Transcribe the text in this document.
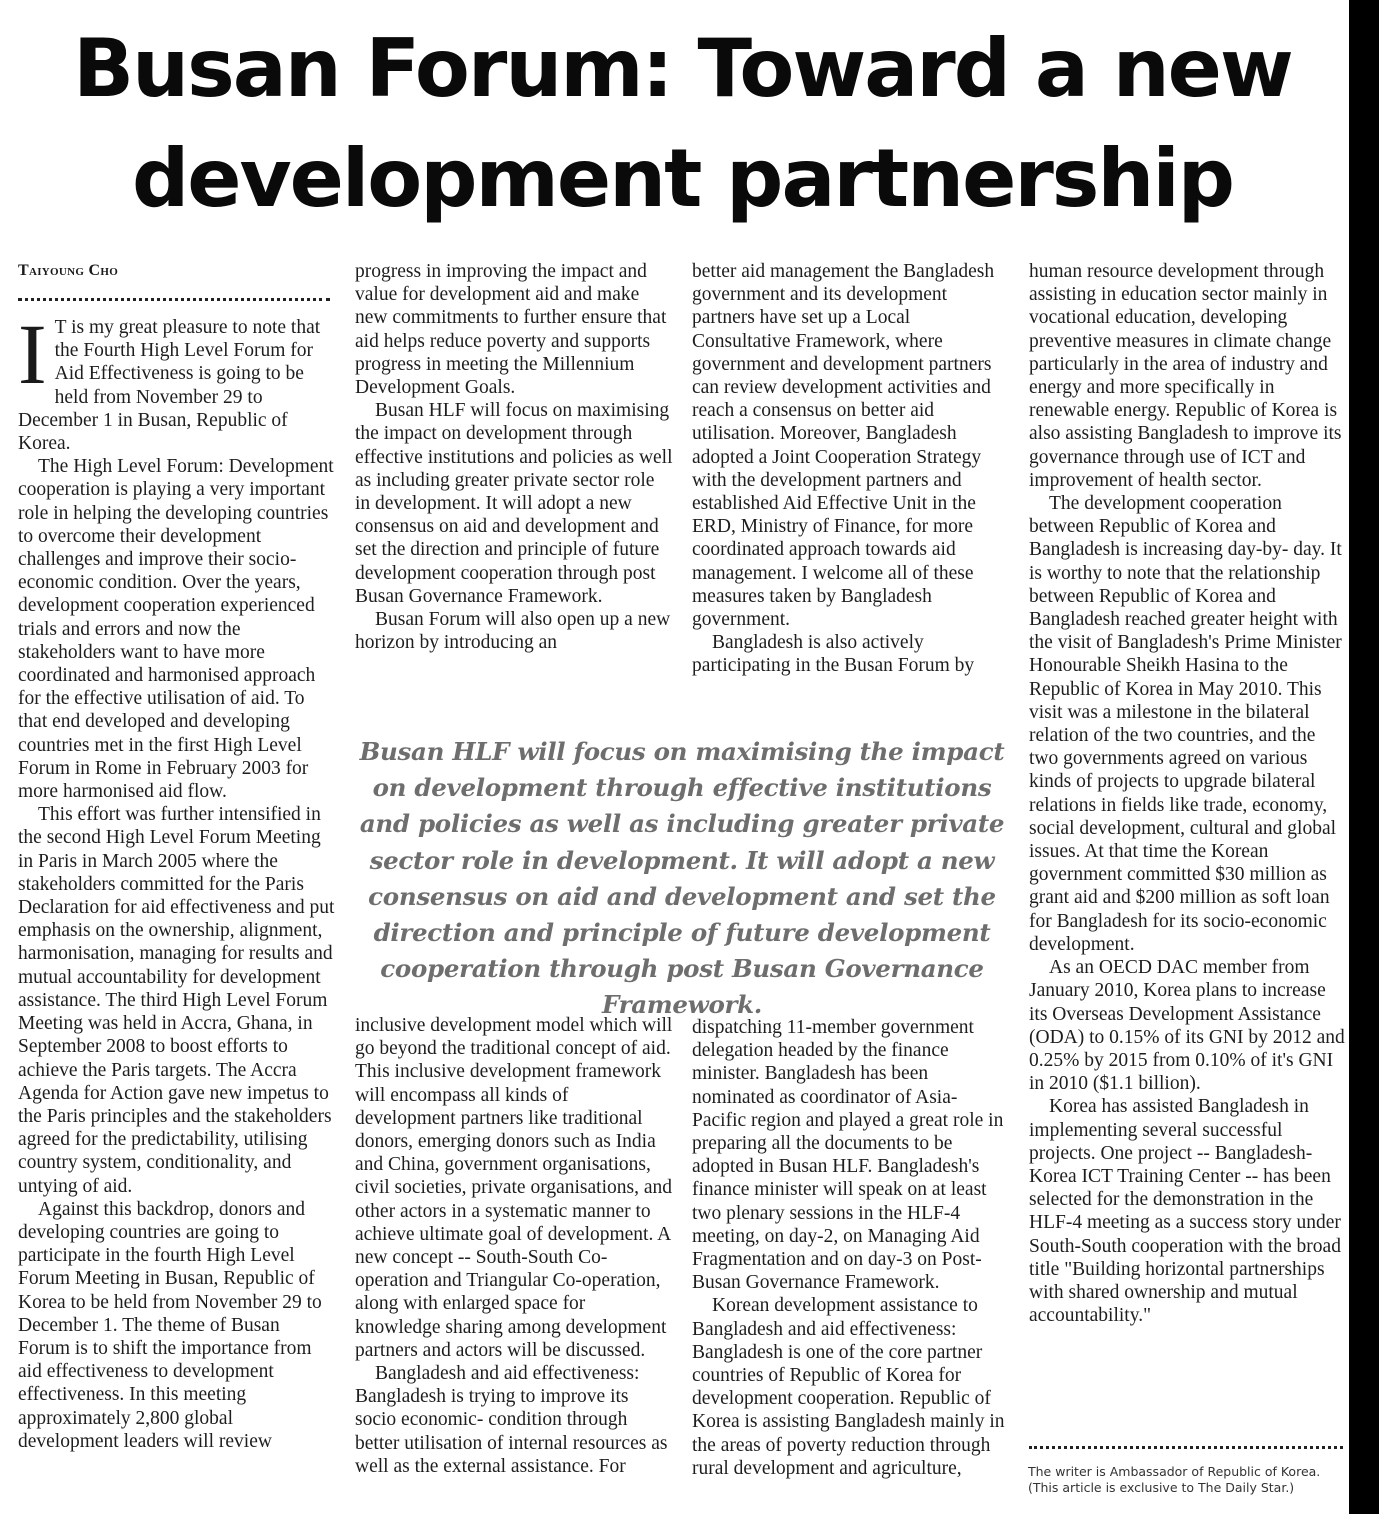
Busan Forum: Toward a new development partnership
Taiyoung Cho

I T is my great pleasure to note that the Fourth High Level Forum for Aid Effectiveness is going to be held from November 29 to December 1 in Busan, Republic of Korea.

The High Level Forum: Development cooperation is playing a very important role in helping the developing countries to overcome their development challenges and improve their socio- economic condition. Over the years, development cooperation experienced trials and errors and now the stakeholders want to have more coordinated and harmonised approach for the effective utilisation of aid. To that end developed and developing countries met in the first High Level Forum in Rome in February 2003 for more harmonised aid flow.

This effort was further intensified in the second High Level Forum Meeting in Paris in March 2005 where the stakeholders committed for the Paris Declaration for aid effectiveness and put emphasis on the ownership, alignment, harmonisation, managing for results and mutual accountability for development assistance. The third High Level Forum Meeting was held in Accra, Ghana, in September 2008 to boost efforts to achieve the Paris targets. The Accra Agenda for Action gave new impetus to the Paris principles and the stakeholders agreed for the predictability, utilising country system, conditionality, and untying of aid.

Against this backdrop, donors and developing countries are going to participate in the fourth High Level Forum Meeting in Busan, Republic of Korea to be held from November 29 to December 1. The theme of Busan Forum is to shift the importance from aid effectiveness to development effectiveness. In this meeting approximately 2,800 global development leaders will review

progress in improving the impact and value for development aid and make new commitments to further ensure that aid helps reduce poverty and supports progress in meeting the Millennium Development Goals.

Busan HLF will focus on maximising the impact on development through effective institutions and policies as well as including greater private sector role in development. It will adopt a new consensus on aid and development and set the direction and principle of future development cooperation through post Busan Governance Framework.

Busan Forum will also open up a new horizon by introducing an

better aid management the Bangladesh government and its development partners have set up a Local Consultative Framework, where government and development partners can review development activities and reach a consensus on better aid utilisation. Moreover, Bangladesh adopted a Joint Cooperation Strategy with the development partners and established Aid Effective Unit in the ERD, Ministry of Finance, for more coordinated approach towards aid management. I welcome all of these measures taken by Bangladesh government.

Bangladesh is also actively participating in the Busan Forum by

Busan HLF will focus on maximising the impact on development through effective institutions and policies as well as including greater private sector role in development. It will adopt a new consensus on aid and development and set the direction and principle of future development cooperation through post Busan Governance Framework.

inclusive development model which will go beyond the traditional concept of aid. This inclusive development framework will encompass all kinds of development partners like traditional donors, emerging donors such as India and China, government organisations, civil societies, private organisations, and other actors in a systematic manner to achieve ultimate goal of development. A new concept -- South-South Co-operation and Triangular Co-operation, along with enlarged space for knowledge sharing among development partners and actors will be discussed.

Bangladesh and aid effectiveness: Bangladesh is trying to improve its socio economic- condition through better utilisation of internal resources as well as the external assistance. For

dispatching 11-member government delegation headed by the finance minister. Bangladesh has been nominated as coordinator of Asia-Pacific region and played a great role in preparing all the documents to be adopted in Busan HLF. Bangladesh's finance minister will speak on at least two plenary sessions in the HLF-4 meeting, on day-2, on Managing Aid Fragmentation and on day-3 on Post-Busan Governance Framework.

Korean development assistance to Bangladesh and aid effectiveness: Bangladesh is one of the core partner countries of Republic of Korea for development cooperation. Republic of Korea is assisting Bangladesh mainly in the areas of poverty reduction through rural development and agriculture,

human resource development through assisting in education sector mainly in vocational education, developing preventive measures in climate change particularly in the area of industry and energy and more specifically in renewable energy. Republic of Korea is also assisting Bangladesh to improve its governance through use of ICT and improvement of health sector.

The development cooperation between Republic of Korea and Bangladesh is increasing day-by- day. It is worthy to note that the relationship between Republic of Korea and Bangladesh reached greater height with the visit of Bangladesh's Prime Minister Honourable Sheikh Hasina to the Republic of Korea in May 2010. This visit was a milestone in the bilateral relation of the two countries, and the two governments agreed on various kinds of projects to upgrade bilateral relations in fields like trade, economy, social development, cultural and global issues. At that time the Korean government committed $30 million as grant aid and $200 million as soft loan for Bangladesh for its socio-economic development.

As an OECD DAC member from January 2010, Korea plans to increase its Overseas Development Assistance (ODA) to 0.15% of its GNI by 2012 and 0.25% by 2015 from 0.10% of it's GNI in 2010 ($1.1 billion).

Korea has assisted Bangladesh in implementing several successful projects. One project -- Bangladesh-Korea ICT Training Center -- has been selected for the demonstration in the HLF-4 meeting as a success story under South-South cooperation with the broad title "Building horizontal partnerships with shared ownership and mutual accountability."

The writer is Ambassador of Republic of Korea.
(This article is exclusive to The Daily Star.)
